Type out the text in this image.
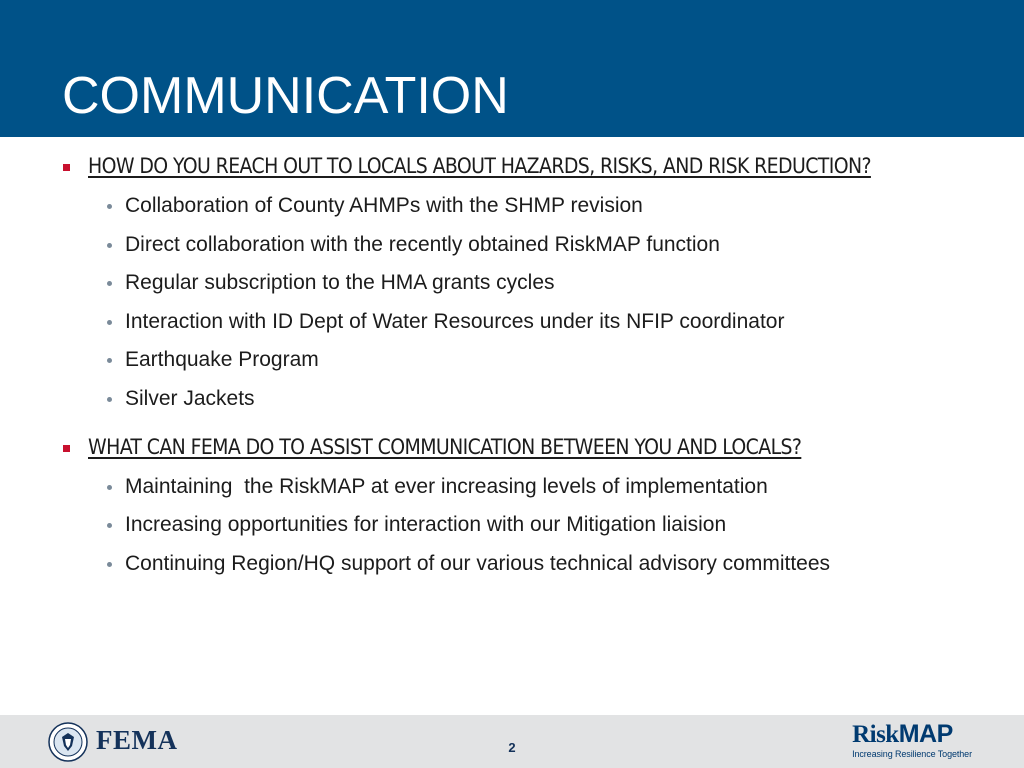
COMMUNICATION
HOW DO YOU REACH OUT TO LOCALS ABOUT HAZARDS, RISKS, AND RISK REDUCTION?
Collaboration of County AHMPs with the SHMP revision
Direct collaboration with the recently obtained RiskMAP function
Regular subscription to the HMA grants cycles
Interaction with ID Dept of Water Resources under its NFIP coordinator
Earthquake Program
Silver Jackets
WHAT CAN FEMA DO TO ASSIST COMMUNICATION BETWEEN YOU AND LOCALS?
Maintaining  the RiskMAP at ever increasing levels of implementation
Increasing opportunities for interaction with our Mitigation liaision
Continuing Region/HQ support of our various technical advisory committees
FEMA	2	RiskMAP
Increasing Resilience Together
